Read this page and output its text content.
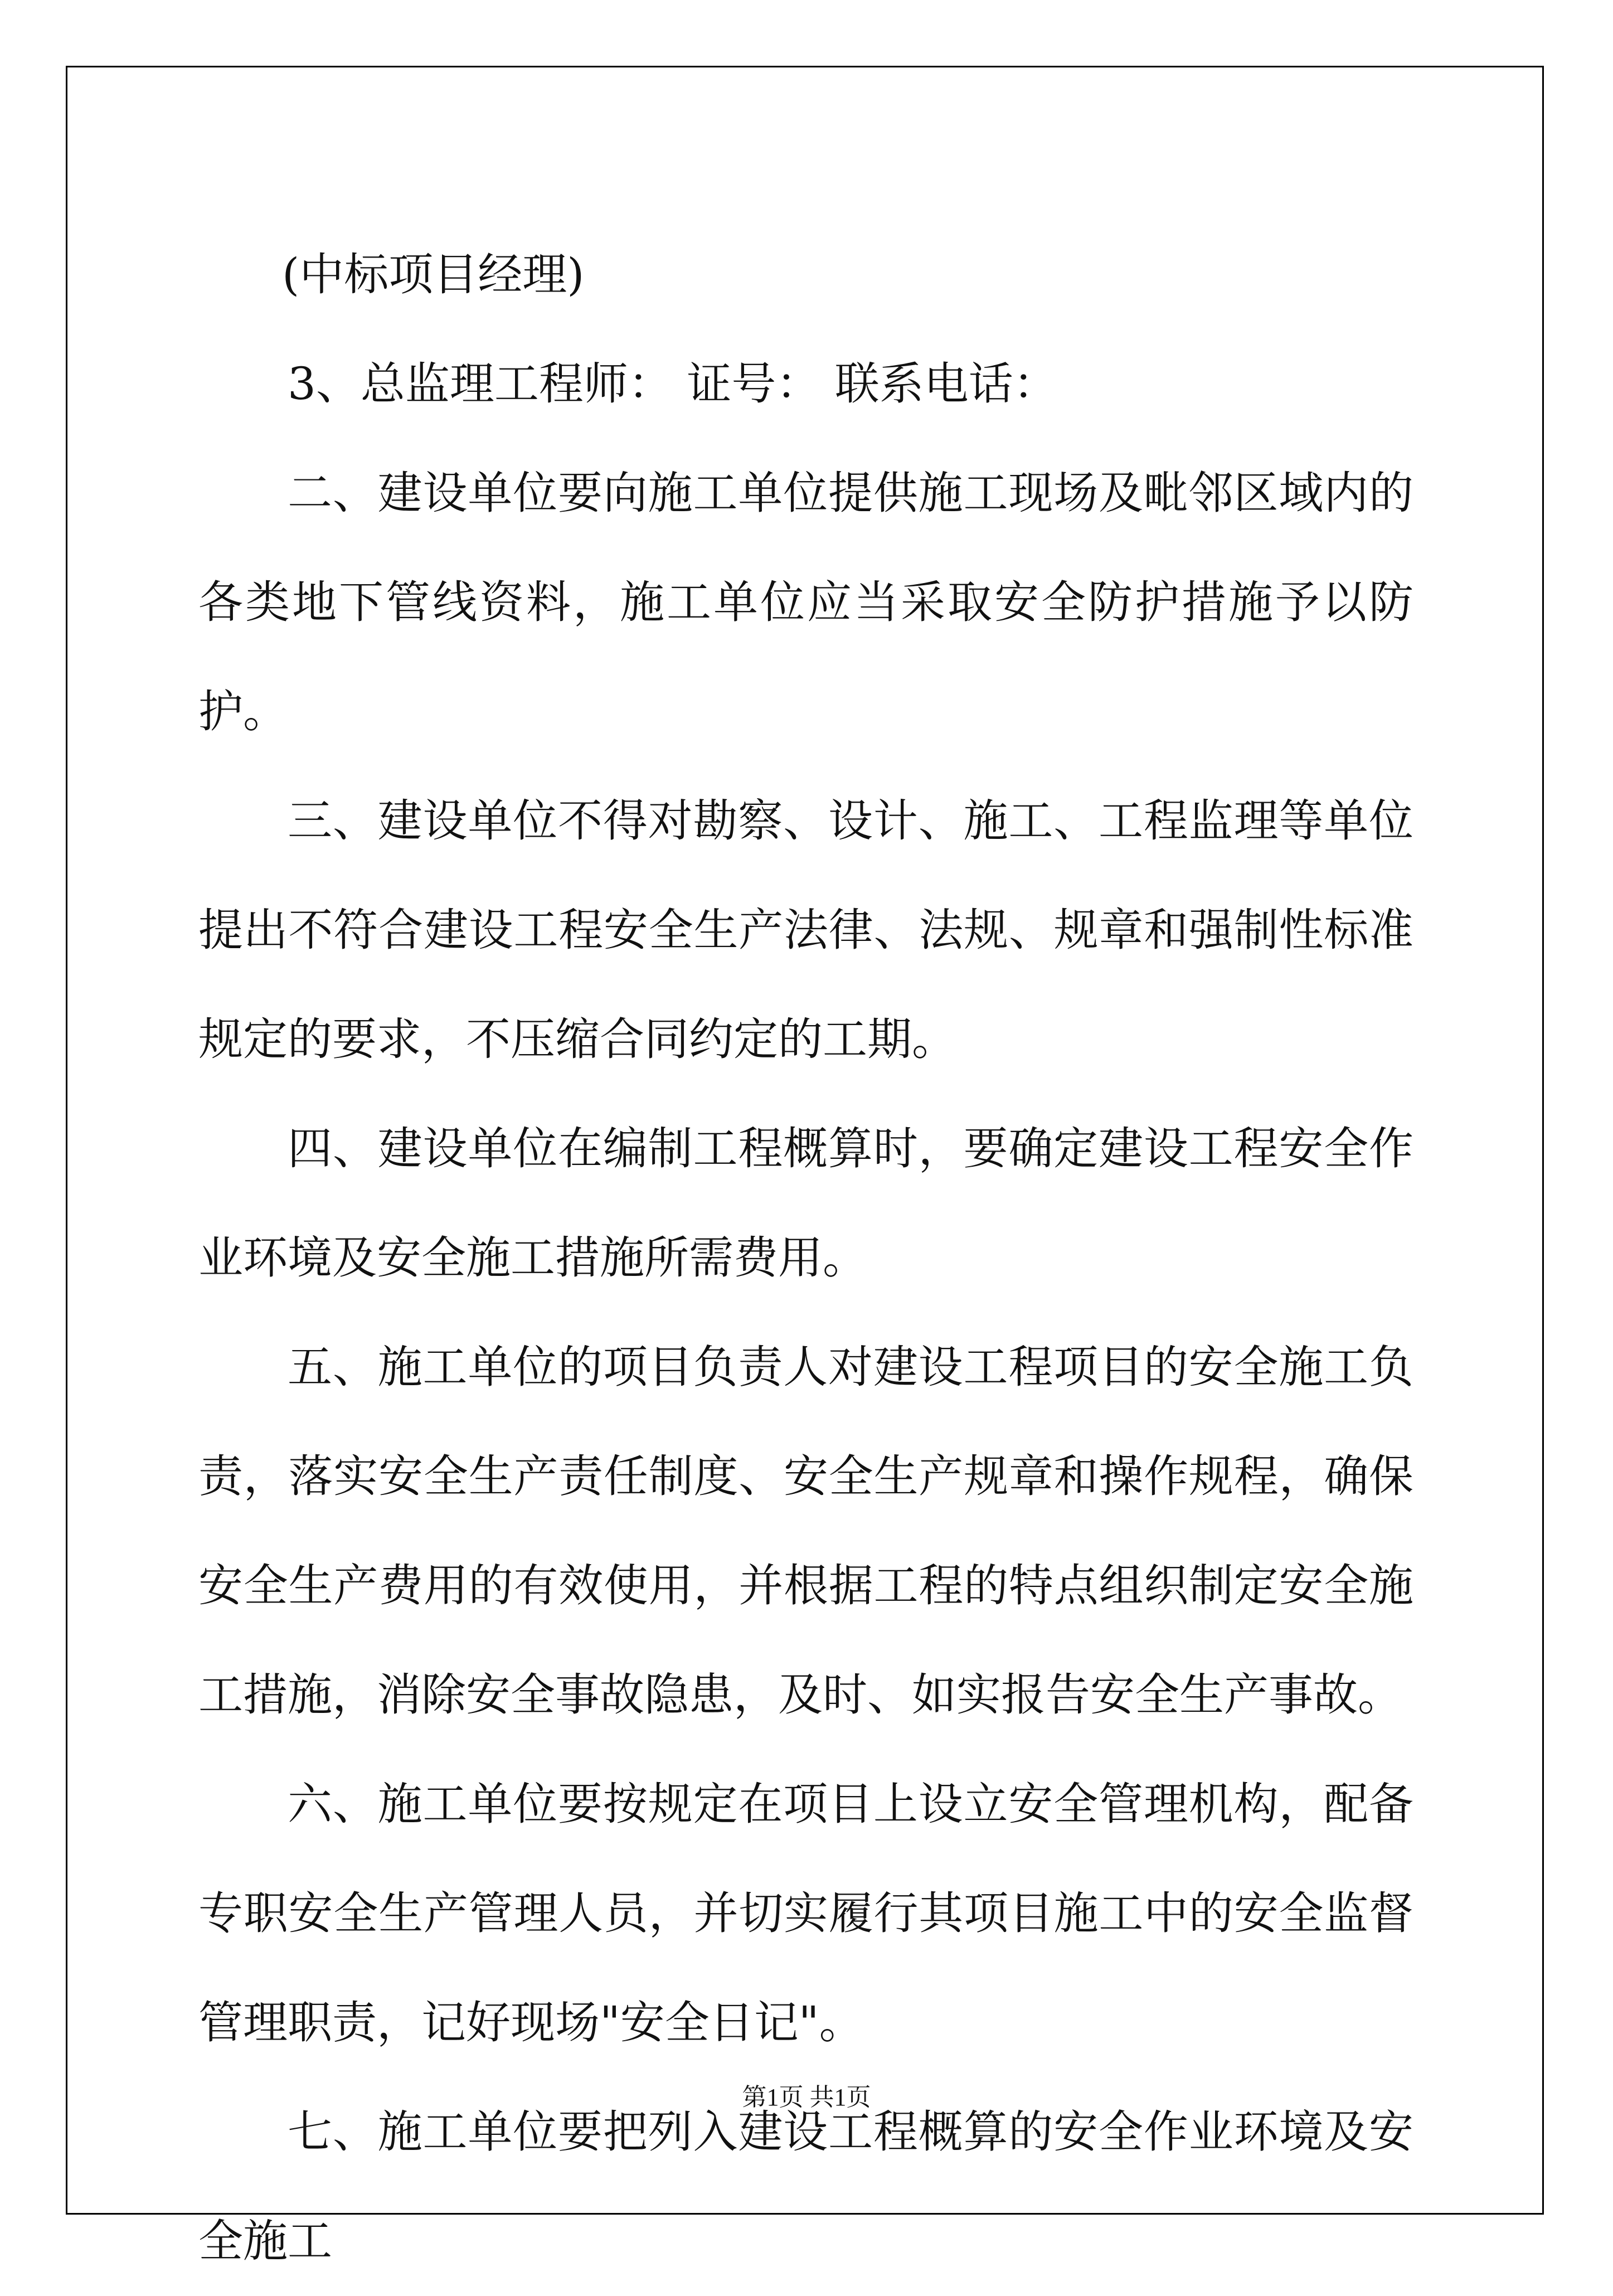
(中标项目经理)

3、总监理工程师： 证号： 联系电话：

二、建设单位要向施工单位提供施工现场及毗邻区域内的各类地下管线资料，施工单位应当采取安全防护措施予以防护。

三、建设单位不得对勘察、设计、施工、工程监理等单位提出不符合建设工程安全生产法律、法规、规章和强制性标准规定的要求，不压缩合同约定的工期。

四、建设单位在编制工程概算时，要确定建设工程安全作业环境及安全施工措施所需费用。

五、施工单位的项目负责人对建设工程项目的安全施工负责，落实安全生产责任制度、安全生产规章和操作规程，确保安全生产费用的有效使用，并根据工程的特点组织制定安全施工措施，消除安全事故隐患，及时、如实报告安全生产事故。

六、施工单位要按规定在项目上设立安全管理机构，配备专职安全生产管理人员，并切实履行其项目施工中的安全监督管理职责，记好现场"安全日记"。

七、施工单位要把列入建设工程概算的安全作业环境及安全施工

第1页 共1页
